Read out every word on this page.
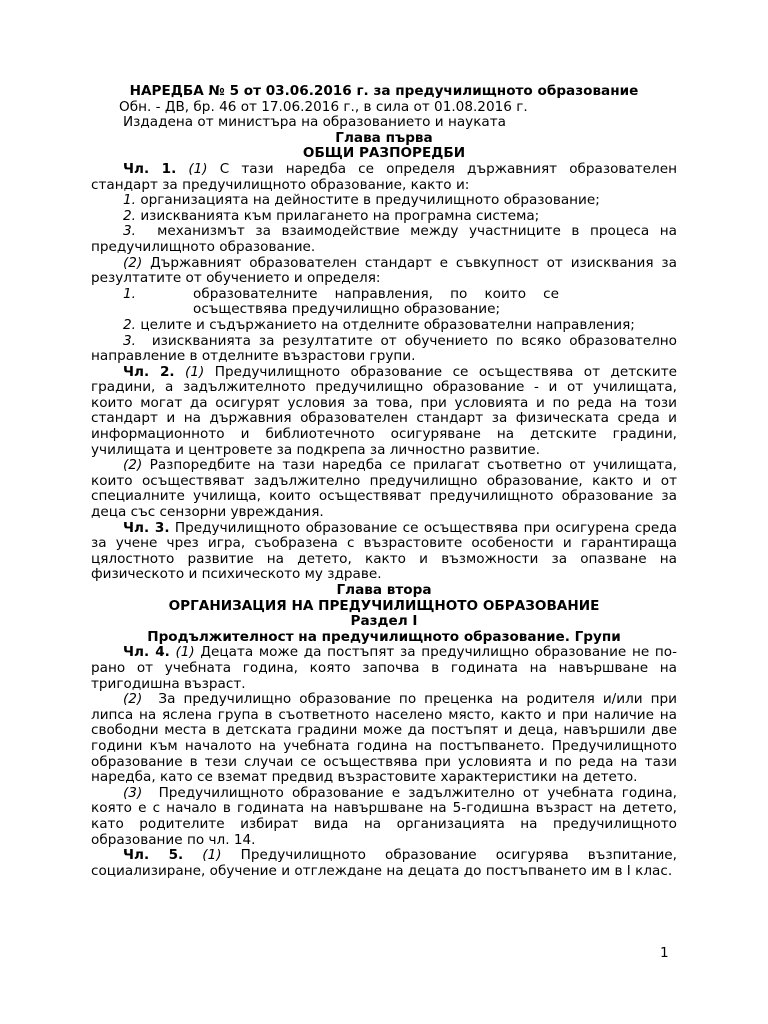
НАРЕДБА № 5 от 03.06.2016 г. за предучилищното образование
Обн. - ДВ, бр. 46 от 17.06.2016 г., в сила от 01.08.2016 г.
Издадена от министъра на образованието и науката
Глава първа
ОБЩИ РАЗПОРЕДБИ
Чл. 1. (1) С тази наредба се определя държавният образователен стандарт за предучилищното образование, както и:
1. организацията на дейностите в предучилищното образование;
2. изискванията към прилагането на програмна система;
3. механизмът за взаимодействие между участниците в процеса на предучилищното образование.
(2) Държавният образователен стандарт е съвкупност от изисквания за резултатите от обучението и определя:
1.	образователните направления, по които се
осъществява предучилищно образование;
2. целите и съдържанието на отделните образователни направления;
3. изискванията за резултатите от обучението по всяко образователно направление в отделните възрастови групи.
Чл. 2. (1) Предучилищното образование се осъществява от детските градини, а задължителното предучилищно образование - и от училищата, които могат да осигурят условия за това, при условията и по реда на този стандарт и на държавния образователен стандарт за физическата среда и информационното и библиотечното осигуряване на детските градини, училищата и центровете за подкрепа за личностно развитие.
(2) Разпоредбите на тази наредба се прилагат съответно от училищата, които осъществяват задължително предучилищно образование, както и от специалните училища, които осъществяват предучилищното образование за деца със сензорни увреждания.
Чл. 3. Предучилищното образование се осъществява при осигурена среда за учене чрез игра, съобразена с възрастовите особености и гарантираща цялостното развитие на детето, както и възможности за опазване на физическото и психическото му здраве.
Глава втора
ОРГАНИЗАЦИЯ НА ПРЕДУЧИЛИЩНОТО ОБРАЗОВАНИЕ
Раздел I
Продължителност на предучилищното образование. Групи
Чл. 4. (1) Децата може да постъпят за предучилищно образование не по- рано от учебната година, която започва в годината на навършване на тригодишна възраст.
(2) За предучилищно образование по преценка на родителя и/или при липса на яслена група в съответното населено място, както и при наличие на свободни места в детската градини може да постъпят и деца, навършили две години към началото на учебната година на постъпването. Предучилищното образование в тези случаи се осъществява при условията и по реда на тази наредба, като се вземат предвид възрастовите характеристики на детето.
(3) Предучилищното образование е задължително от учебната година, която е с начало в годината на навършване на 5-годишна възраст на детето, като родителите избират вида на организацията на предучилищното образование по чл. 14.
Чл. 5. (1) Предучилищното образование осигурява възпитание, социализиране, обучение и отглеждане на децата до постъпването им в I клас.
1
